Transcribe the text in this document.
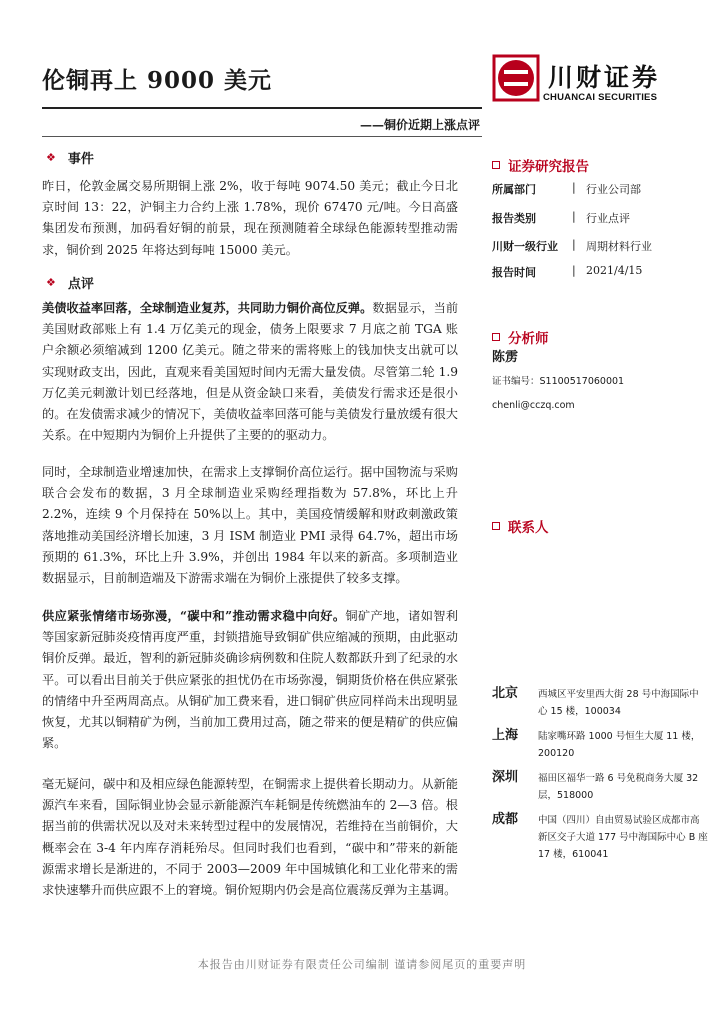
伦铜再上 9000 美元	川财证券
CHUANCAI SECURITIES
——铜价近期上涨点评
❖ 事件

昨日，伦敦金属交易所期铜上涨 2%，收于每吨 9074.50 美元；截止今日北京时间 13：22，沪铜主力合约上涨 1.78%，现价 67470 元/吨。今日高盛集团发布预测，加码看好铜的前景，现在预测随着全球绿色能源转型推动需求，铜价到 2025 年将达到每吨 15000 美元。

❖ 点评

美债收益率回落，全球制造业复苏，共同助力铜价高位反弹。数据显示，当前美国财政部账上有 1.4 万亿美元的现金，债务上限要求 7 月底之前 TGA 账户余额必须缩减到 1200 亿美元。随之带来的需将账上的钱加快支出就可以实现财政支出，因此，直观来看美国短时间内无需大量发债。尽管第二轮 1.9 万亿美元刺激计划已经落地，但是从资金缺口来看，美债发行需求还是很小的。在发债需求减少的情况下，美债收益率回落可能与美债发行量放缓有很大关系。在中短期内为铜价上升提供了主要的的驱动力。

同时，全球制造业增速加快，在需求上支撑铜价高位运行。据中国物流与采购联合会发布的数据，3 月全球制造业采购经理指数为 57.8%，环比上升 2.2%，连续 9 个月保持在 50%以上。其中，美国疫情缓解和财政刺激政策落地推动美国经济增长加速，3 月 ISM 制造业 PMI 录得 64.7%，超出市场预期的 61.3%，环比上升 3.9%，并创出 1984 年以来的新高。多项制造业数据显示，目前制造端及下游需求端在为铜价上涨提供了较多支撑。

供应紧张情绪市场弥漫，“碳中和”推动需求稳中向好。铜矿产地，诸如智利等国家新冠肺炎疫情再度严重，封锁措施导致铜矿供应缩减的预期，由此驱动铜价反弹。最近，智利的新冠肺炎确诊病例数和住院人数都跃升到了纪录的水平。可以看出目前关于供应紧张的担忧仍在市场弥漫，铜期货价格在供应紧张的情绪中升至两周高点。从铜矿加工费来看，进口铜矿供应同样尚未出现明显恢复，尤其以铜精矿为例，当前加工费用过高，随之带来的便是精矿的供应偏紧。

毫无疑问，碳中和及相应绿色能源转型，在铜需求上提供着长期动力。从新能源汽车来看，国际铜业协会显示新能源汽车耗铜是传统燃油车的 2—3 倍。根据当前的供需状况以及对未来转型过程中的发展情况，若维持在当前铜价，大概率会在 3-4 年内库存消耗殆尽。但同时我们也看到，“碳中和”带来的新能源需求增长是渐进的，不同于 2003—2009 年中国城镇化和工业化带来的需求快速攀升而供应跟不上的窘境。铜价短期内仍会是高位震荡反弹为主基调。

证券研究报告
所属部门	| 行业公司部
报告类别	| 行业点评
川财一级行业	| 周期材料行业
报告时间	| 2021/4/15
分析师
陈雳
证书编号：S1100517060001
chenli@cczq.com
联系人
北京 西城区平安里西大街 28 号中海国际中心 15 楼，100034
上海 陆家嘴环路 1000 号恒生大厦 11 楼，200120
深圳 福田区福华一路 6 号免税商务大厦 32 层，518000
成都 中国（四川）自由贸易试验区成都市高新区交子大道 177 号中海国际中心 B 座 17 楼，610041
本报告由川财证券有限责任公司编制 谨请参阅尾页的重要声明
